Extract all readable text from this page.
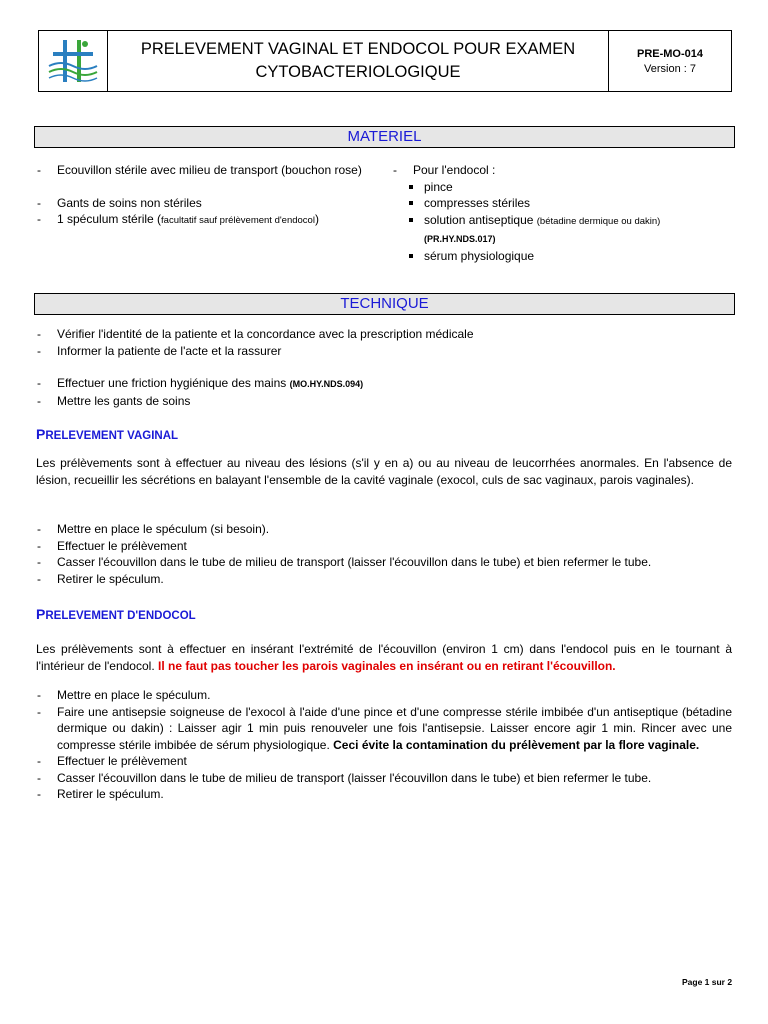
PRELEVEMENT VAGINAL ET ENDOCOL POUR EXAMEN
CYTOBACTERIOLOGIQUE
PRE-MO-014
Version : 7
MATERIEL
- Ecouvillon stérile avec milieu de transport (bouchon rose)
- Gants de soins non stériles
- 1 spéculum stérile (facultatif sauf prélèvement d'endocol)
- Pour l'endocol :
pince
compresses stériles
solution antiseptique (bétadine dermique ou dakin)
(PR.HY.NDS.017)
sérum physiologique
TECHNIQUE
- Vérifier l'identité de la patiente et la concordance avec la prescription médicale
- Informer la patiente de l'acte et la rassurer
- Effectuer une friction hygiénique des mains (MO.HY.NDS.094)
- Mettre les gants de soins
PRELEVEMENT VAGINAL

Les prélèvements sont à effectuer au niveau des lésions (s'il y en a) ou au niveau de leucorrhées anormales. En l'absence de lésion, recueillir les sécrétions en balayant l'ensemble de la cavité vaginale (exocol, culs de sac vaginaux, parois vaginales).

- Mettre en place le spéculum (si besoin).
- Effectuer le prélèvement
- Casser l'écouvillon dans le tube de milieu de transport (laisser l'écouvillon dans le tube) et bien refermer le tube.
- Retirer le spéculum.
PRELEVEMENT D'ENDOCOL

Les prélèvements sont à effectuer en insérant l'extrémité de l'écouvillon (environ 1 cm) dans l'endocol puis en le tournant à l'intérieur de l'endocol. Il ne faut pas toucher les parois vaginales en insérant ou en retirant l'écouvillon.

- Mettre en place le spéculum.
- Faire une antisepsie soigneuse de l'exocol à l'aide d'une pince et d'une compresse stérile imbibée d'un antiseptique (bétadine dermique ou dakin) : Laisser agir 1 min puis renouveler une fois l'antisepsie. Laisser encore agir 1 min. Rincer avec une compresse stérile imbibée de sérum physiologique. Ceci évite la contamination du prélèvement par la flore vaginale.
- Effectuer le prélèvement
- Casser l'écouvillon dans le tube de milieu de transport (laisser l'écouvillon dans le tube) et bien refermer le tube.
- Retirer le spéculum.
Page 1 sur 2
